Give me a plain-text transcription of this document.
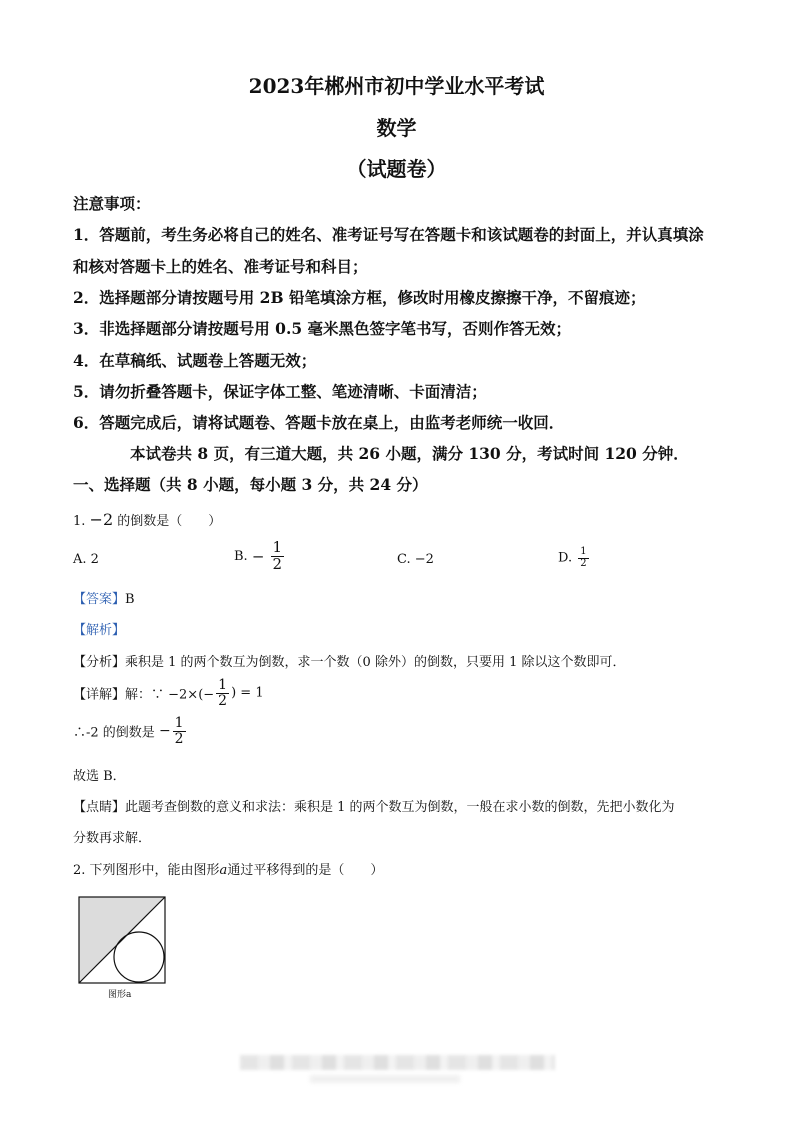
2023年郴州市初中学业水平考试
数学
（试题卷）
注意事项：
1．答题前，考生务必将自己的姓名、准考证号写在答题卡和该试题卷的封面上，并认真填涂
和核对答题卡上的姓名、准考证号和科目；
2．选择题部分请按题号用 2B 铅笔填涂方框，修改时用橡皮擦擦干净，不留痕迹；
3．非选择题部分请按题号用 0.5 毫米黑色签字笔书写，否则作答无效；
4．在草稿纸、试题卷上答题无效；
5．请勿折叠答题卡，保证字体工整、笔迹清晰、卡面清洁；
6．答题完成后，请将试题卷、答题卡放在桌上，由监考老师统一收回．
本试卷共 8 页，有三道大题，共 26 小题，满分 130 分，考试时间 120 分钟．
一、选择题（共 8 小题，每小题 3 分，共 24 分）
1. −2 的倒数是（　　）
A. 2	B. − $\frac{1}{2}$	C. −2	D. $\frac{1}{2}$
【答案】B
【解析】
【分析】乘积是 1 的两个数互为倒数，求一个数（0 除外）的倒数，只要用 1 除以这个数即可．
【详解】解：∵ $-2\times(- \frac{1}{2}$ ) = 1
∴-2 的倒数是 − $\frac{1}{2}$
故选 B．
【点睛】此题考查倒数的意义和求法：乘积是 1 的两个数互为倒数，一般在求小数的倒数，先把小数化为
分数再求解．
2. 下列图形中，能由图形a通过平移得到的是（　　）
图形a
